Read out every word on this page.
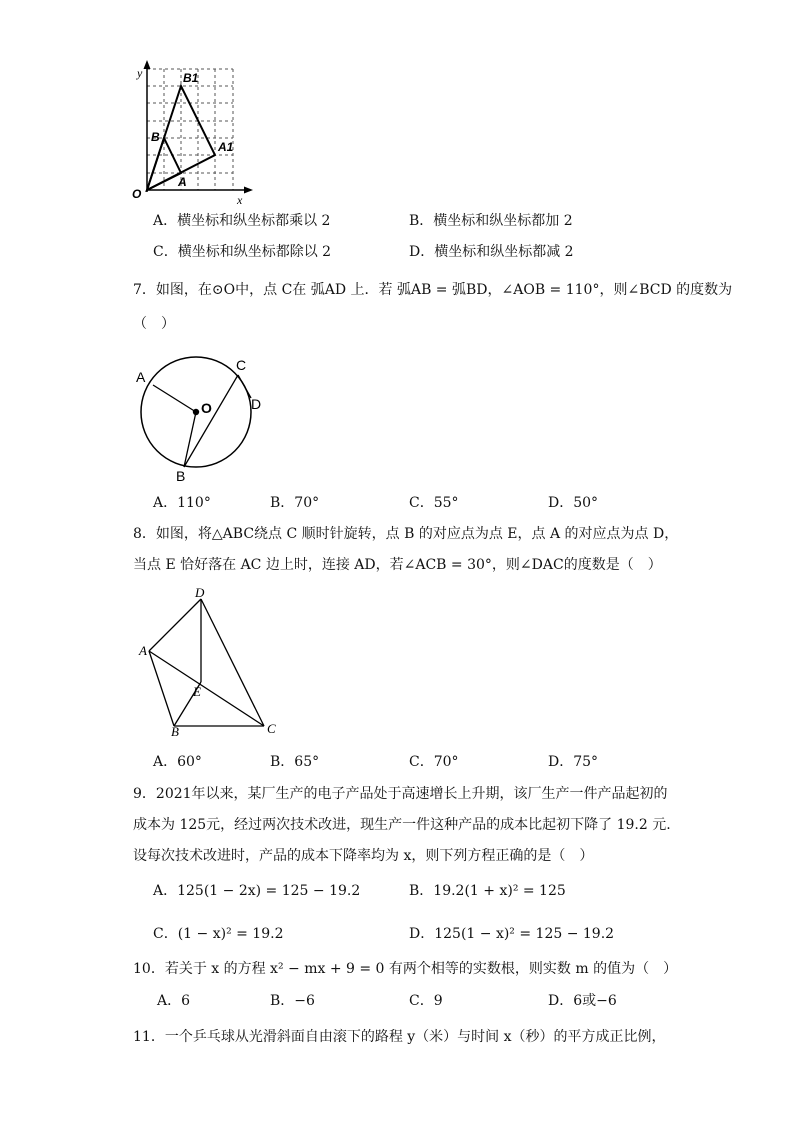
y
x
O
B1
B
A1
A
A．横坐标和纵坐标都乘以 2	B．横坐标和纵坐标都加 2
C．横坐标和纵坐标都除以 2	D．横坐标和纵坐标都减 2
7．如图，在⊙O中，点 C在 弧AD 上．若 弧AB = 弧BD，∠AOB = 110°，则∠BCD 的度数为
（　）
A
O
C
D
B
A．110°	B．70°	C．55°	D．50°
8．如图，将△ABC绕点 C 顺时针旋转，点 B 的对应点为点 E，点 A 的对应点为点 D，
当点 E 恰好落在 AC 边上时，连接 AD，若∠ACB = 30°，则∠DAC的度数是（　）
D
A
E
B	C
A．60°	B．65°	C．70°	D．75°
9．2021年以来，某厂生产的电子产品处于高速增长上升期，该厂生产一件产品起初的
成本为 125元，经过两次技术改进，现生产一件这种产品的成本比起初下降了 19.2 元.
设每次技术改进时，产品的成本下降率均为 x，则下列方程正确的是（　）
A．125(1 − 2x) = 125 − 19.2	B．19.2(1 + x)² = 125
C．(1 − x)² = 19.2	D．125(1 − x)² = 125 − 19.2
10．若关于 x 的方程 x² − mx + 9 = 0 有两个相等的实数根，则实数 m 的值为（　）
A．6	B．−6	C．9	D．6或−6
11．一个乒乓球从光滑斜面自由滚下的路程 y（米）与时间 x（秒）的平方成正比例，
